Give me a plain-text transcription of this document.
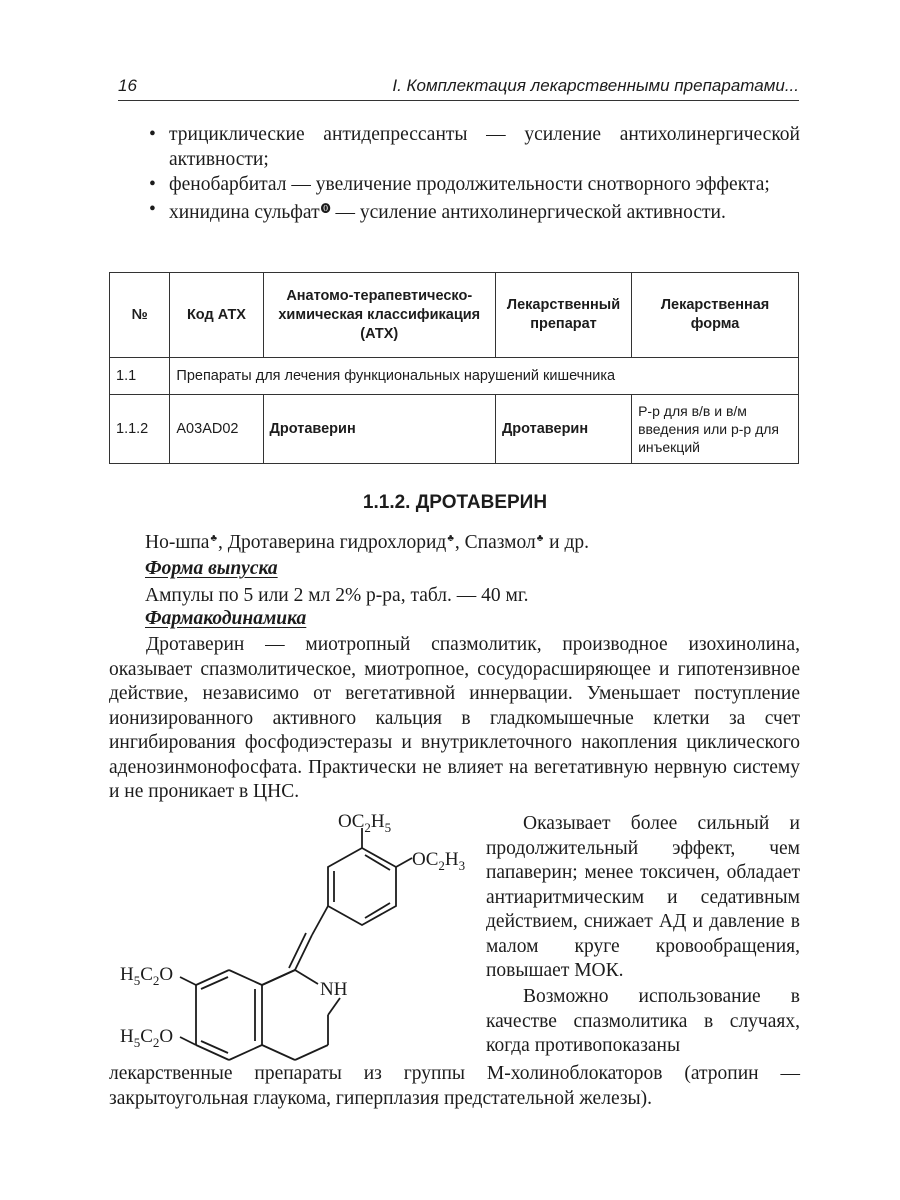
16	I. Комплектация лекарственными препаратами...
• трициклические антидепрессанты — усиление антихолинергической активности;
• фенобарбитал — увеличение продолжительности снотворного эффекта;
• хинидина сульфат⓿ — усиление антихолинергической активности.
№	Код АТХ	Анатомо-терапевтическо-химическая классификация (АТХ)	Лекарственный препарат	Лекарственная форма
1.1	Препараты для лечения функциональных нарушений кишечника			
1.1.2	A03AD02	Дротаверин	Дротаверин	Р-р для в/в и в/м введения или р-р для инъекций
1.1.2. ДРОТАВЕРИН
Но-шпа♣, Дротаверина гидрохлорид♣, Спазмол♣ и др.
Форма выпуска
Ампулы по 5 или 2 мл 2% р-ра, табл. — 40 мг.
Фармакодинамика
Дротаверин — миотропный спазмолитик, производное изохинолина, оказывает спазмолитическое, миотропное, сосудорасширяющее и гипотензивное действие, независимо от вегетативной иннервации. Уменьшает поступление ионизированного активного кальция в гладкомышечные клетки за счет ингибирования фосфодиэстеразы и внутриклеточного накопления циклического аденозинмонофосфата. Практически не влияет на вегетативную нервную систему и не проникает в ЦНС.
Оказывает более сильный и продолжительный эффект, чем папаверин; менее токсичен, обладает антиаритмическим и седативным действием, снижает АД и давление в малом круге кровообращения, повышает МОК.
Возможно использование в качестве спазмолитика в случаях, когда противопоказаны
лекарственные препараты из группы М-холиноблокаторов (атропин —
закрытоугольная глаукома, гиперплазия предстательной железы).
$OC_2H_5$
$OC_2H_3$
NH
$H_5C_2O$
$H_5C_2O$
